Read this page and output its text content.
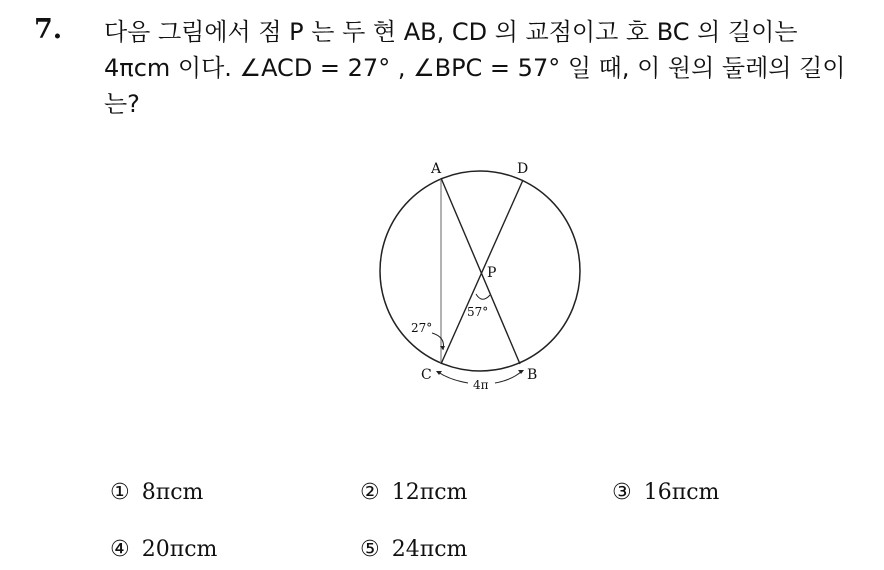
7. 다음 그림에서 점 P 는 두 현 AB, CD 의 교점이고 호 BC 의 길이는
4πcm 이다. ∠ACD = 27° , ∠BPC = 57° 일 때, 이 원의 둘레의 길이
는?
A	D
P
C	B
27°
57°
4π
① 8πcm	② 12πcm	③ 16πcm
④ 20πcm	⑤ 24πcm
